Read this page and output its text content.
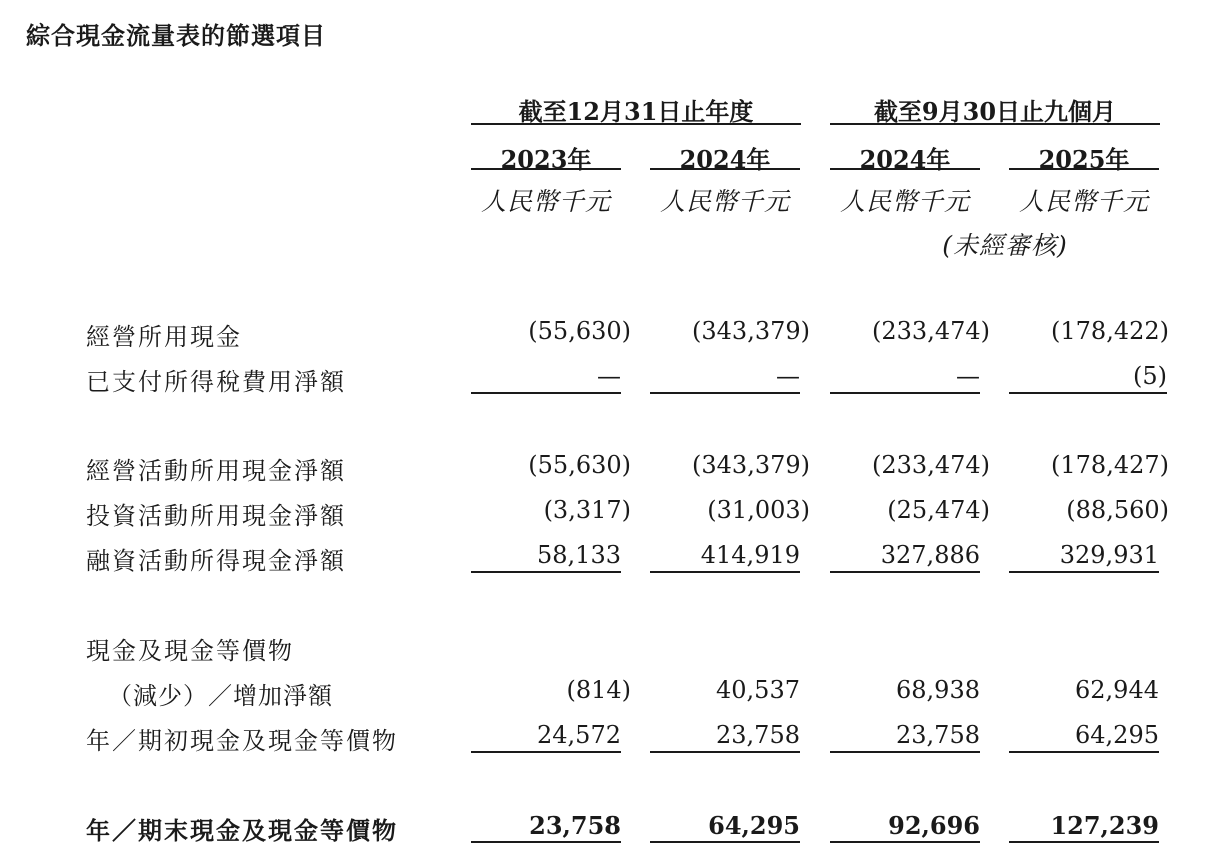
綜合現金流量表的節選項目
截至12月31日止年度	截至9月30日止九個月
2023年	2024年	2024年	2025年
人民幣千元	人民幣千元	人民幣千元	人民幣千元
(未經審核)
經營所用現金	(55,630)	(343,379)	(233,474)	(178,422)
已支付所得稅費用淨額	—	—	—	(5)
經營活動所用現金淨額	(55,630)	(343,379)	(233,474)	(178,427)
投資活動所用現金淨額	(3,317)	(31,003)	(25,474)	(88,560)
融資活動所得現金淨額	58,133	414,919	327,886	329,931
現金及現金等價物
（減少）／增加淨額	(814)	40,537	68,938	62,944
年／期初現金及現金等價物	24,572	23,758	23,758	64,295
年／期末現金及現金等價物	23,758	64,295	92,696	127,239
